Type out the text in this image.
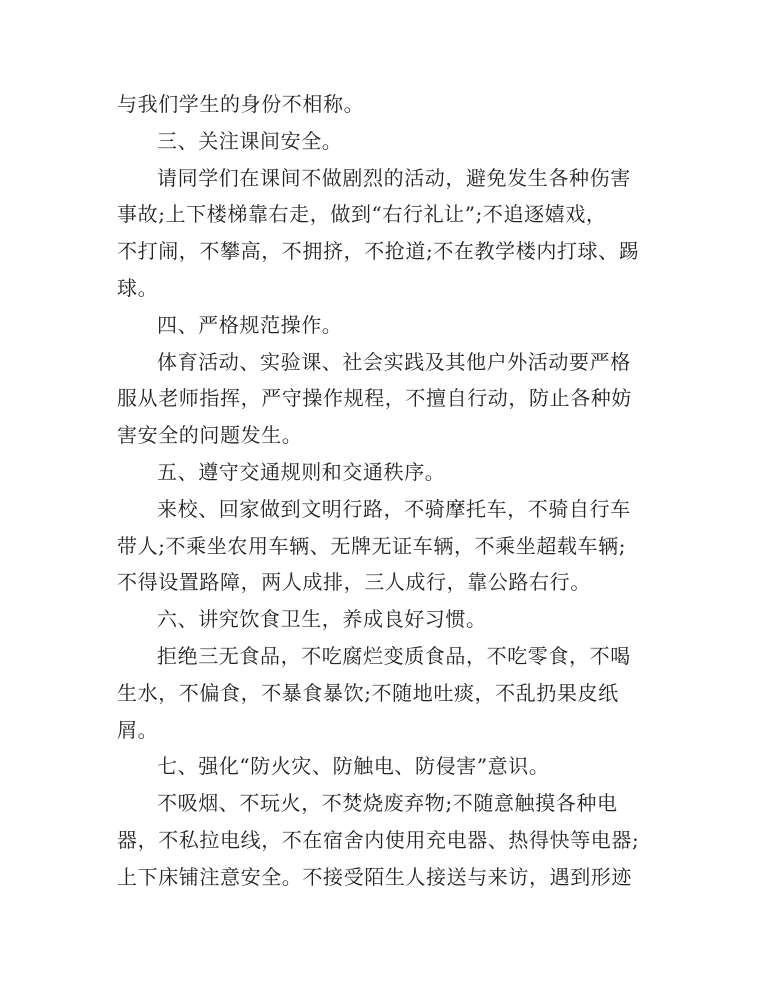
与我们学生的身份不相称。
三、关注课间安全。
请同学们在课间不做剧烈的活动，避免发生各种伤害
事故;上下楼梯靠右走，做到“右行礼让”;不追逐嬉戏，
不打闹，不攀高，不拥挤，不抢道;不在教学楼内打球、踢
球。
四、严格规范操作。
体育活动、实验课、社会实践及其他户外活动要严格
服从老师指挥，严守操作规程，不擅自行动，防止各种妨
害安全的问题发生。
五、遵守交通规则和交通秩序。
来校、回家做到文明行路，不骑摩托车，不骑自行车
带人;不乘坐农用车辆、无牌无证车辆，不乘坐超载车辆;
不得设置路障，两人成排，三人成行，靠公路右行。
六、讲究饮食卫生，养成良好习惯。
拒绝三无食品，不吃腐烂变质食品，不吃零食，不喝
生水，不偏食，不暴食暴饮;不随地吐痰，不乱扔果皮纸
屑。
七、强化“防火灾、防触电、防侵害”意识。
不吸烟、不玩火，不焚烧废弃物;不随意触摸各种电
器，不私拉电线，不在宿舍内使用充电器、热得快等电器;
上下床铺注意安全。不接受陌生人接送与来访，遇到形迹
